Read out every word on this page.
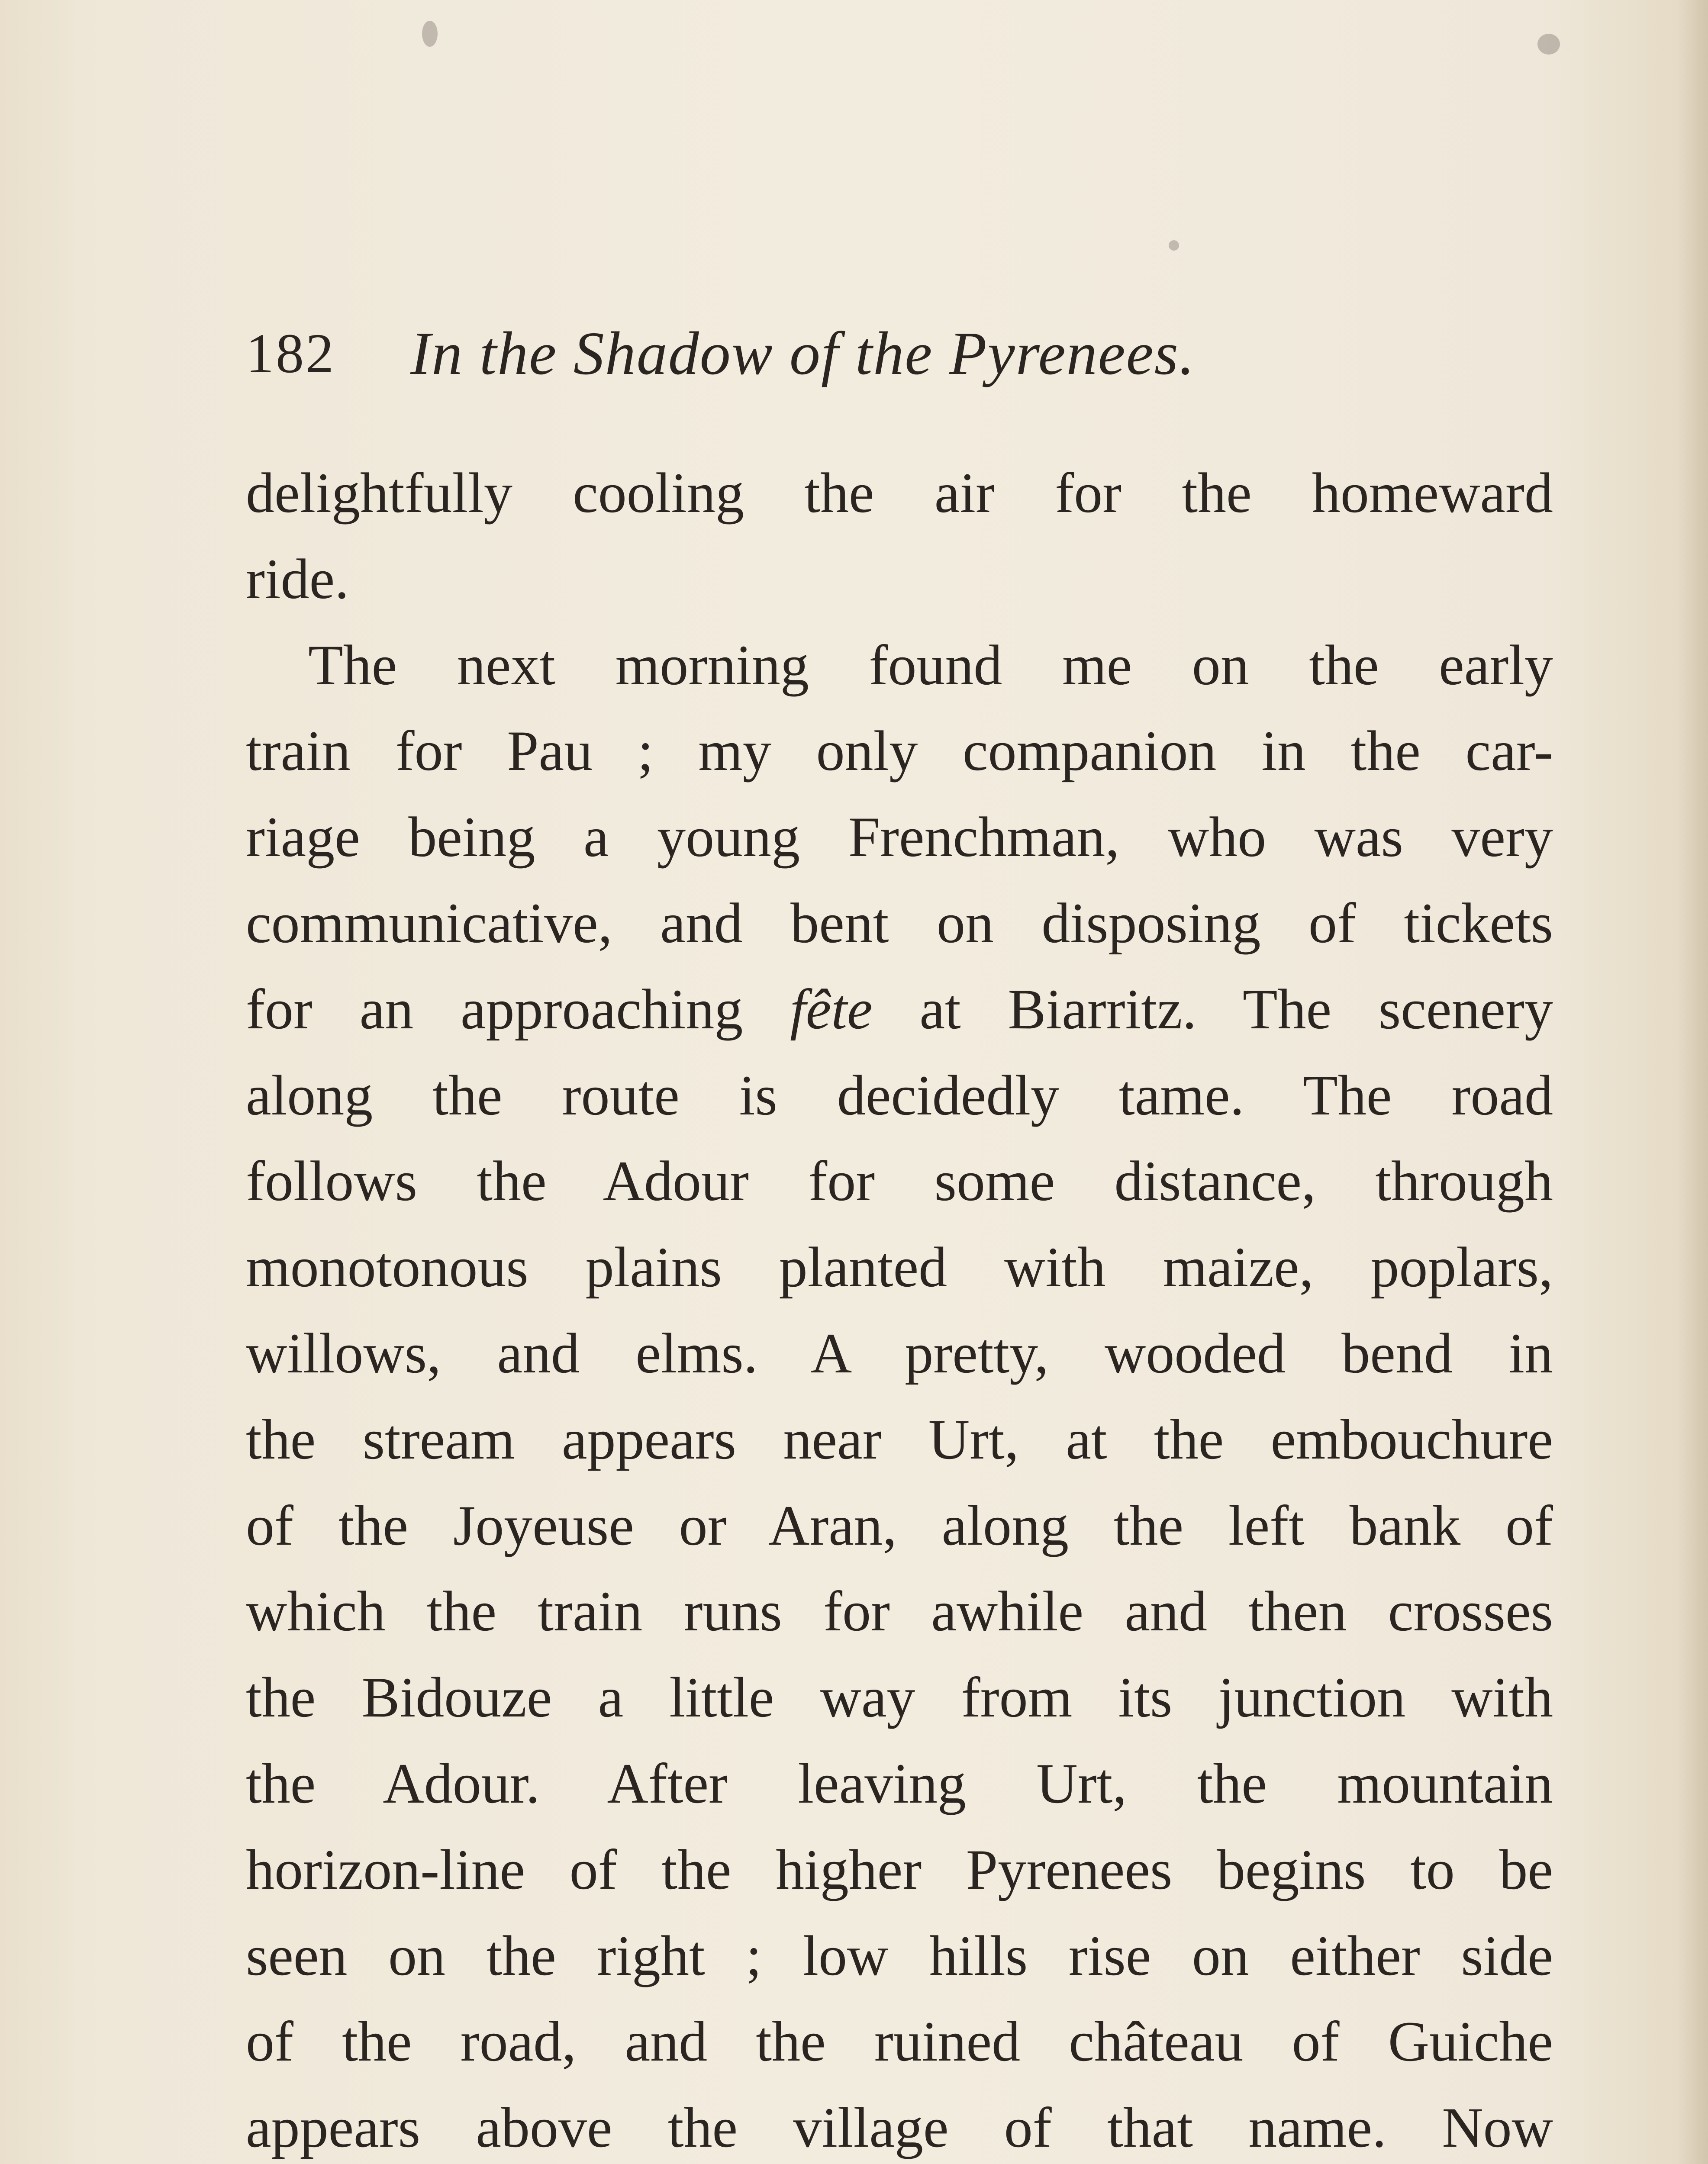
182 In the Shadow of the Pyrenees.
delightfully cooling the air for the homeward
ride.
The next morning found me on the early
train for Pau ; my only companion in the car-
riage being a young Frenchman, who was very
communicative, and bent on disposing of tickets
for an approaching fête at Biarritz. The scenery
along the route is decidedly tame. The road
follows the Adour for some distance, through
monotonous plains planted with maize, poplars,
willows, and elms. A pretty, wooded bend in
the stream appears near Urt, at the embouchure
of the Joyeuse or Aran, along the left bank of
which the train runs for awhile and then crosses
the Bidouze a little way from its junction with
the Adour. After leaving Urt, the mountain
horizon-line of the higher Pyrenees begins to be
seen on the right ; low hills rise on either side
of the road, and the ruined château of Guiche
appears above the village of that name. Now
